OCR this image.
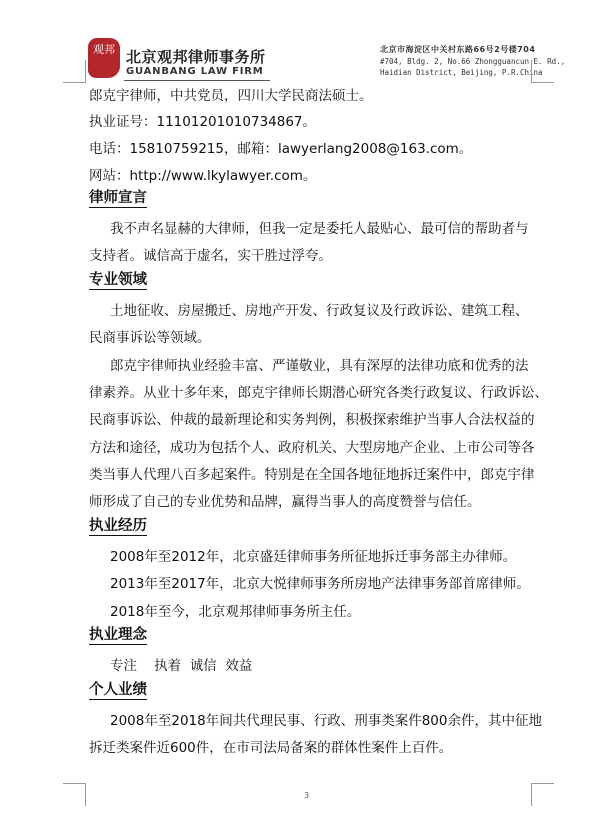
观邦 北京观邦律师事务所
GUANBANG LAW FIRM
北京市海淀区中关村东路66号2号楼704
#704, Bldg. 2, No.66 Zhongguancun E. Rd.,
Haidian District, Beijing, P.R.China
郎克宇律师，中共党员，四川大学民商法硕士。
执业证号：11101201010734867。
电话：15810759215，邮箱：lawyerlang2008@163.com。
网站：http://www.lkylawyer.com。
律师宣言
我不声名显赫的大律师，但我一定是委托人最贴心、最可信的帮助者与
支持者。诚信高于虚名，实干胜过浮夸。
专业领域
土地征收、房屋搬迁、房地产开发、行政复议及行政诉讼、建筑工程、
民商事诉讼等领域。
郎克宇律师执业经验丰富、严谨敬业，具有深厚的法律功底和优秀的法
律素养。从业十多年来，郎克宇律师长期潜心研究各类行政复议、行政诉讼、
民商事诉讼、仲裁的最新理论和实务判例，积极探索维护当事人合法权益的
方法和途径，成功为包括个人、政府机关、大型房地产企业、上市公司等各
类当事人代理八百多起案件。特别是在全国各地征地拆迁案件中，郎克宇律
师形成了自己的专业优势和品牌，赢得当事人的高度赞誉与信任。
执业经历
2008年至2012年，北京盛廷律师事务所征地拆迁事务部主办律师。
2013年至2017年，北京大悦律师事务所房地产法律事务部首席律师。
2018年至今，北京观邦律师事务所主任。
执业理念
专注    执着  诚信  效益
个人业绩
2008年至2018年间共代理民事、行政、刑事类案件800余件，其中征地
拆迁类案件近600件，在市司法局备案的群体性案件上百件。
3
